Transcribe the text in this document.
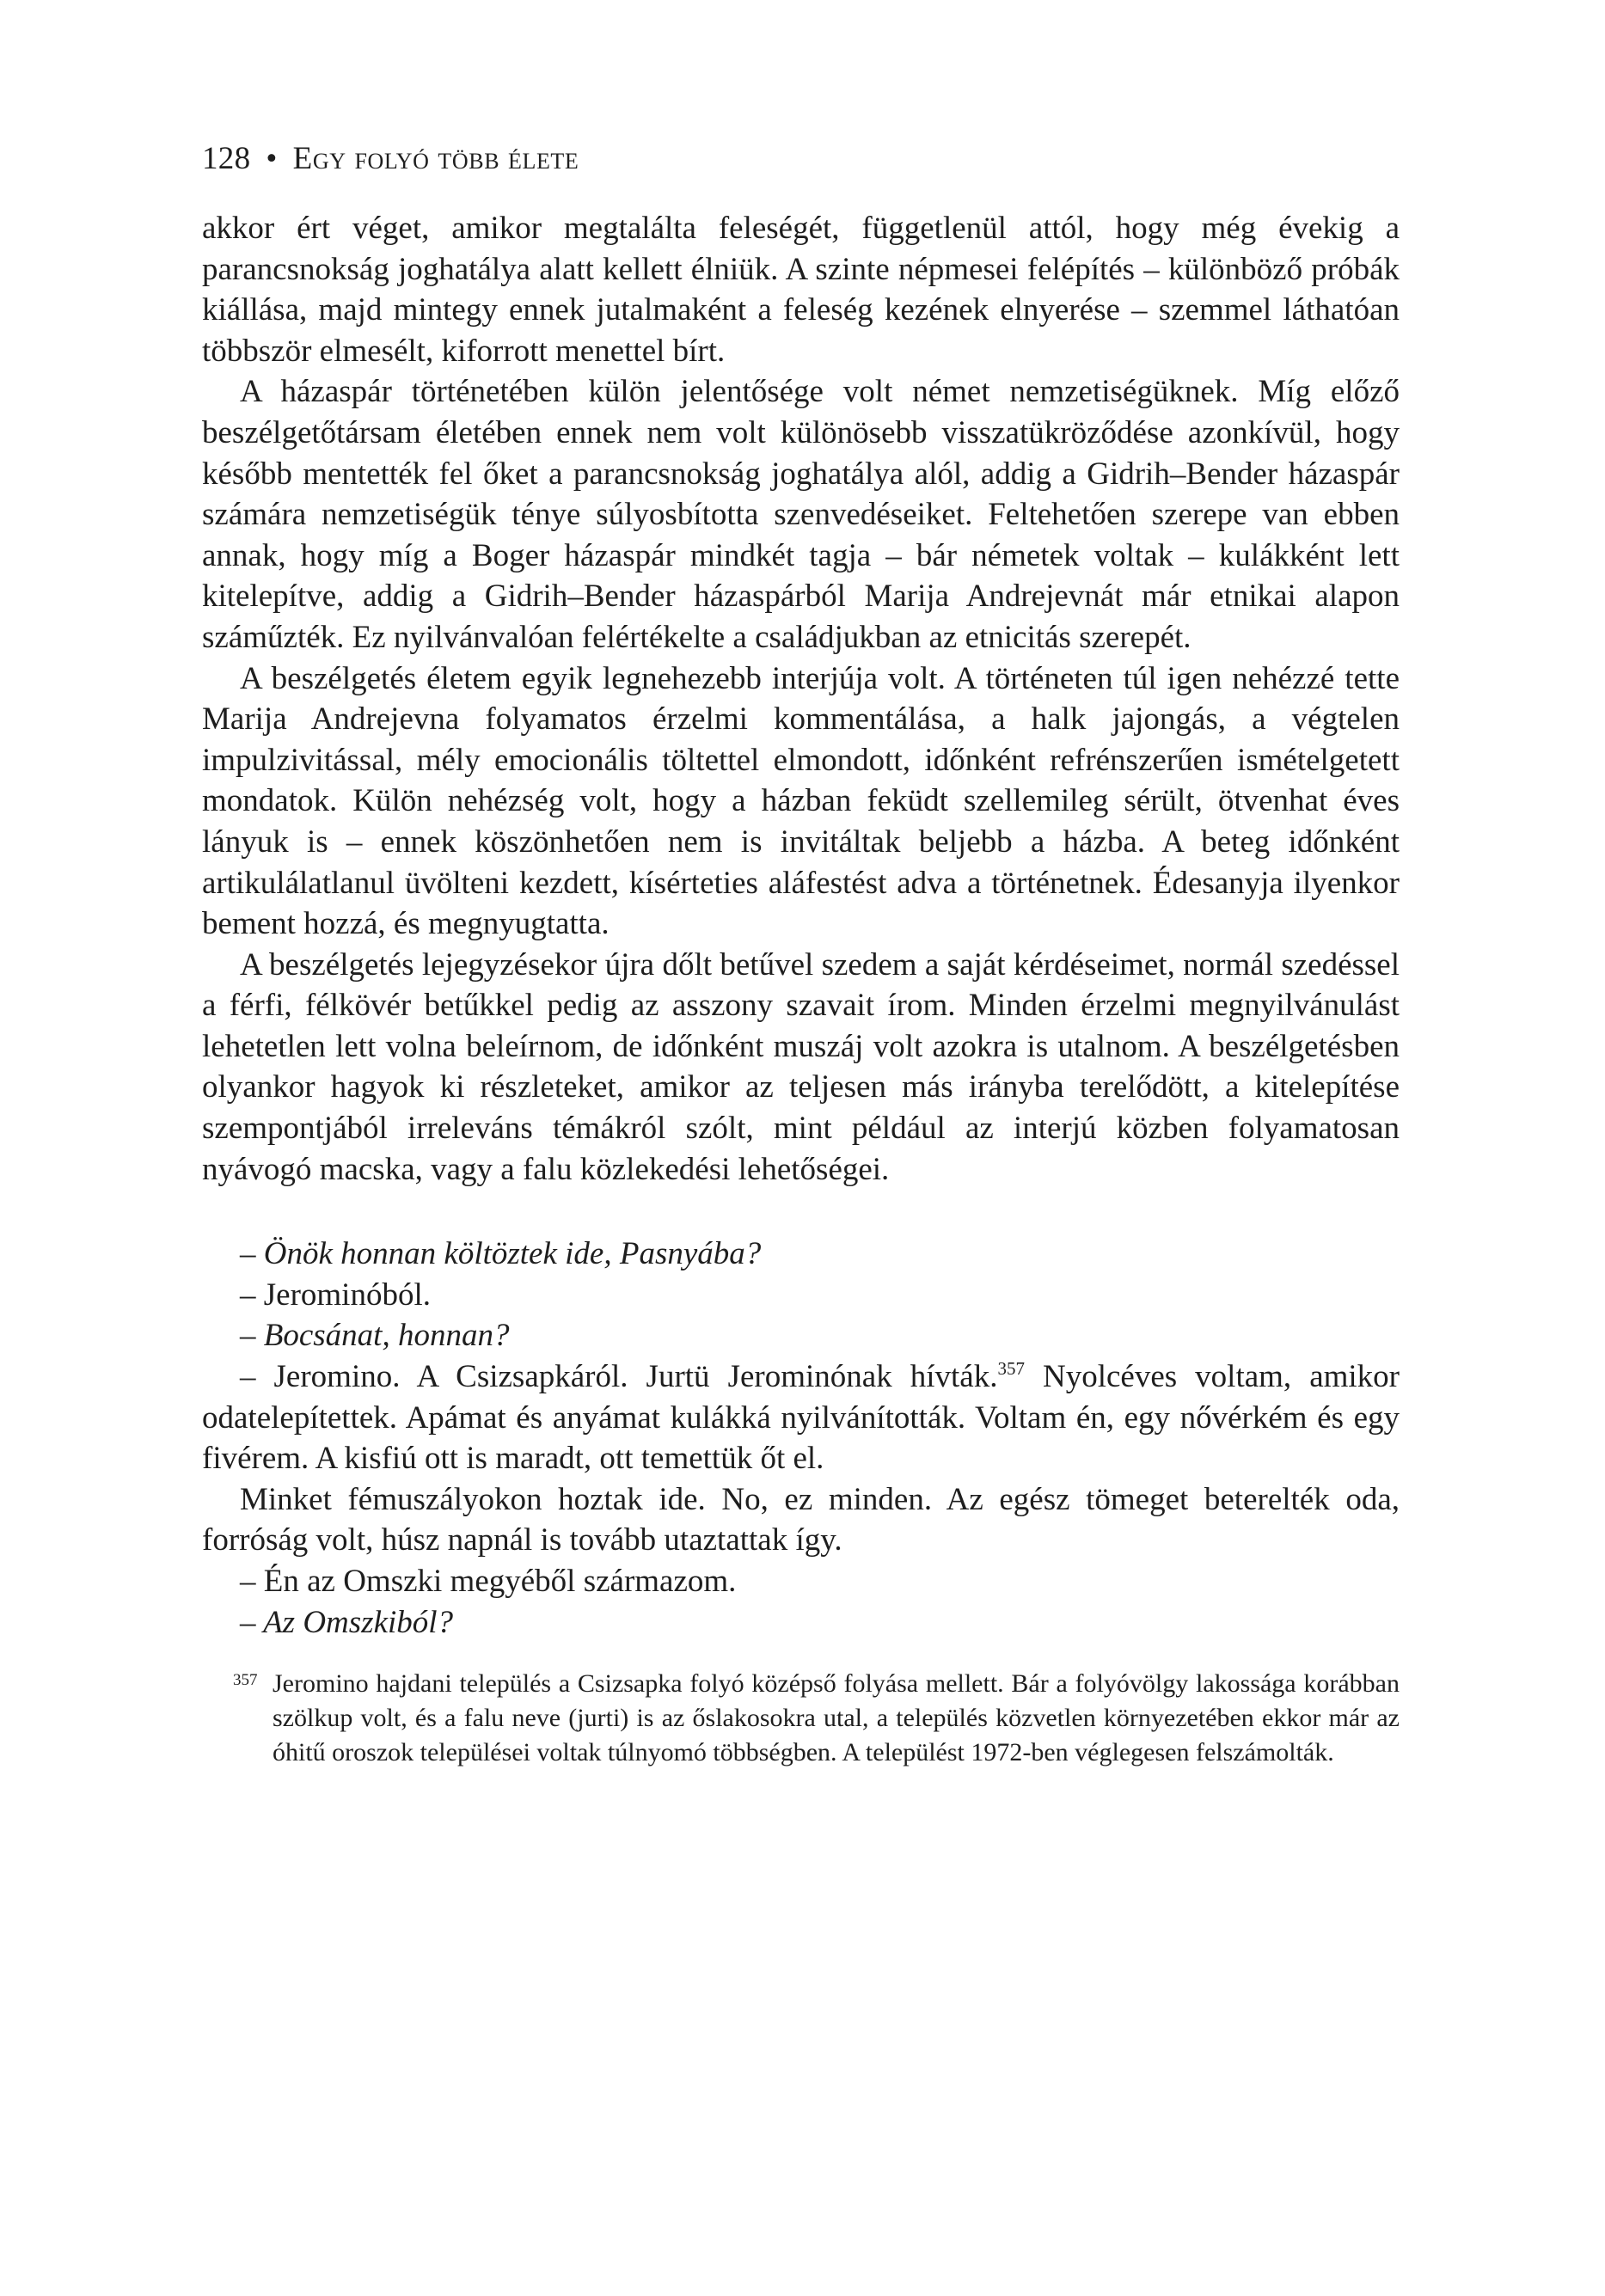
128 • Egy folyó több élete

akkor ért véget, amikor megtalálta feleségét, függetlenül attól, hogy még évekig a parancsnokság joghatálya alatt kellett élniük. A szinte népmesei felépítés – különböző próbák kiállása, majd mintegy ennek jutalmaként a feleség kezének elnyerése – szemmel láthatóan többször elmesélt, kiforrott menettel bírt.

A házaspár történetében külön jelentősége volt német nemzetiségüknek. Míg előző beszélgetőtársam életében ennek nem volt különösebb visszatükröződése azonkívül, hogy később mentették fel őket a parancsnokság joghatálya alól, addig a Gidrih–Bender házaspár számára nemzetiségük ténye súlyosbította szenvedéseiket. Feltehetően szerepe van ebben annak, hogy míg a Boger házaspár mindkét tagja – bár németek voltak – kulákként lett kitelepítve, addig a Gidrih–Bender házaspárból Marija Andrejevnát már etnikai alapon száműzték. Ez nyilvánvalóan felértékelte a családjukban az etnicitás szerepét.

A beszélgetés életem egyik legnehezebb interjúja volt. A történeten túl igen nehézzé tette Marija Andrejevna folyamatos érzelmi kommentálása, a halk jajongás, a végtelen impulzivitással, mély emocionális töltettel elmondott, időnként refrénszerűen ismételgetett mondatok. Külön nehézség volt, hogy a házban feküdt szellemileg sérült, ötvenhat éves lányuk is – ennek köszönhetően nem is invitáltak beljebb a házba. A beteg időnként artikulálatlanul üvölteni kezdett, kísérteties aláfestést adva a történetnek. Édesanyja ilyenkor bement hozzá, és megnyugtatta.

A beszélgetés lejegyzésekor újra dőlt betűvel szedem a saját kérdéseimet, normál szedéssel a férfi, félkövér betűkkel pedig az asszony szavait írom. Minden érzelmi megnyilvánulást lehetetlen lett volna beleírnom, de időnként muszáj volt azokra is utalnom. A beszélgetésben olyankor hagyok ki részleteket, amikor az teljesen más irányba terelődött, a kitelepítése szempontjából irreleváns témákról szólt, mint például az interjú közben folyamatosan nyávogó macska, vagy a falu közlekedési lehetőségei.

– Önök honnan költöztek ide, Pasnyába?

– Jerominóból.

– Bocsánat, honnan?

– Jeromino. A Csizsapkáról. Jurtü Jerominónak hívták.$^{357}$ Nyolcéves voltam, amikor odatelepítettek. Apámat és anyámat kulákká nyilvánították. Voltam én, egy nővérkém és egy fivérem. A kisfiú ott is maradt, ott temettük őt el.

Minket fémuszályokon hoztak ide. No, ez minden. Az egész tömeget beterelték oda, forróság volt, húsz napnál is tovább utaztattak így.

– Én az Omszki megyéből származom.

– Az Omszkiból?

357 Jeromino hajdani település a Csizsapka folyó középső folyása mellett. Bár a folyóvölgy lakossága korábban szölkup volt, és a falu neve (jurti) is az őslakosokra utal, a település közvetlen környezetében ekkor már az óhitű oroszok települései voltak túlnyomó többségben. A települést 1972-ben véglegesen felszámolták.
